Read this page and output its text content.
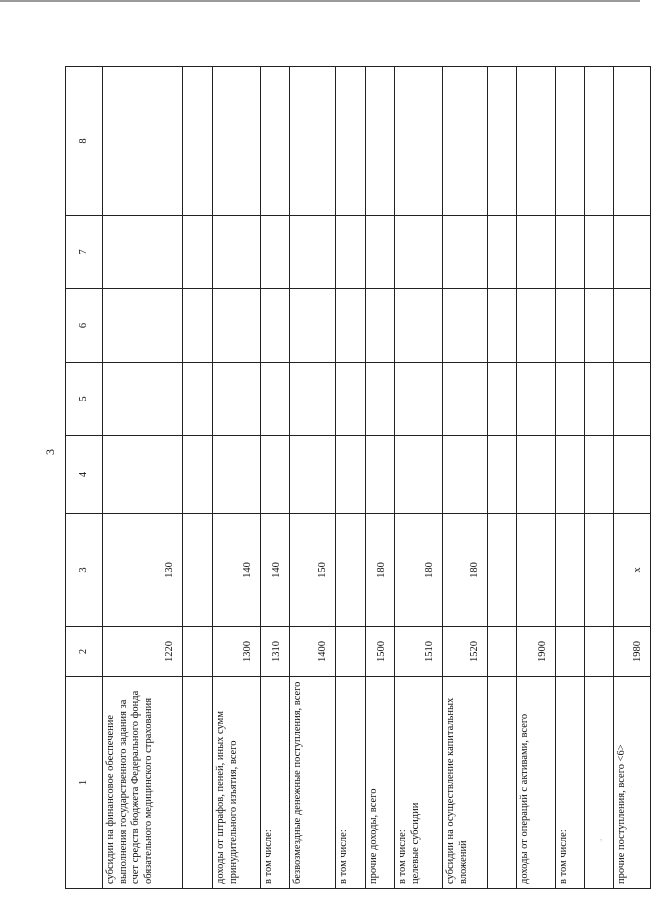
3
1	2	3	4	5	6	7	8
субсидии на финансовое обеспечение выполнения государственного задания за счет средств бюджета Федерального фонда обязательного медицинского страхования	1220	130					

доходы от штрафов, пеней, иных сумм принудительного изъятия, всего	1300	140					
в том числе:	1310	140					
безвозмездные денежные поступления, всего	1400	150					
в том числе:							
прочие доходы, всего	1500	180					
в том числе:
целевые субсидии	1510	180					
субсидии на осуществление капитальных вложений	1520	180					

доходы от операций с активами, всего	1900						
в том числе:							

прочие поступления, всего <6>	1980	x					
,
